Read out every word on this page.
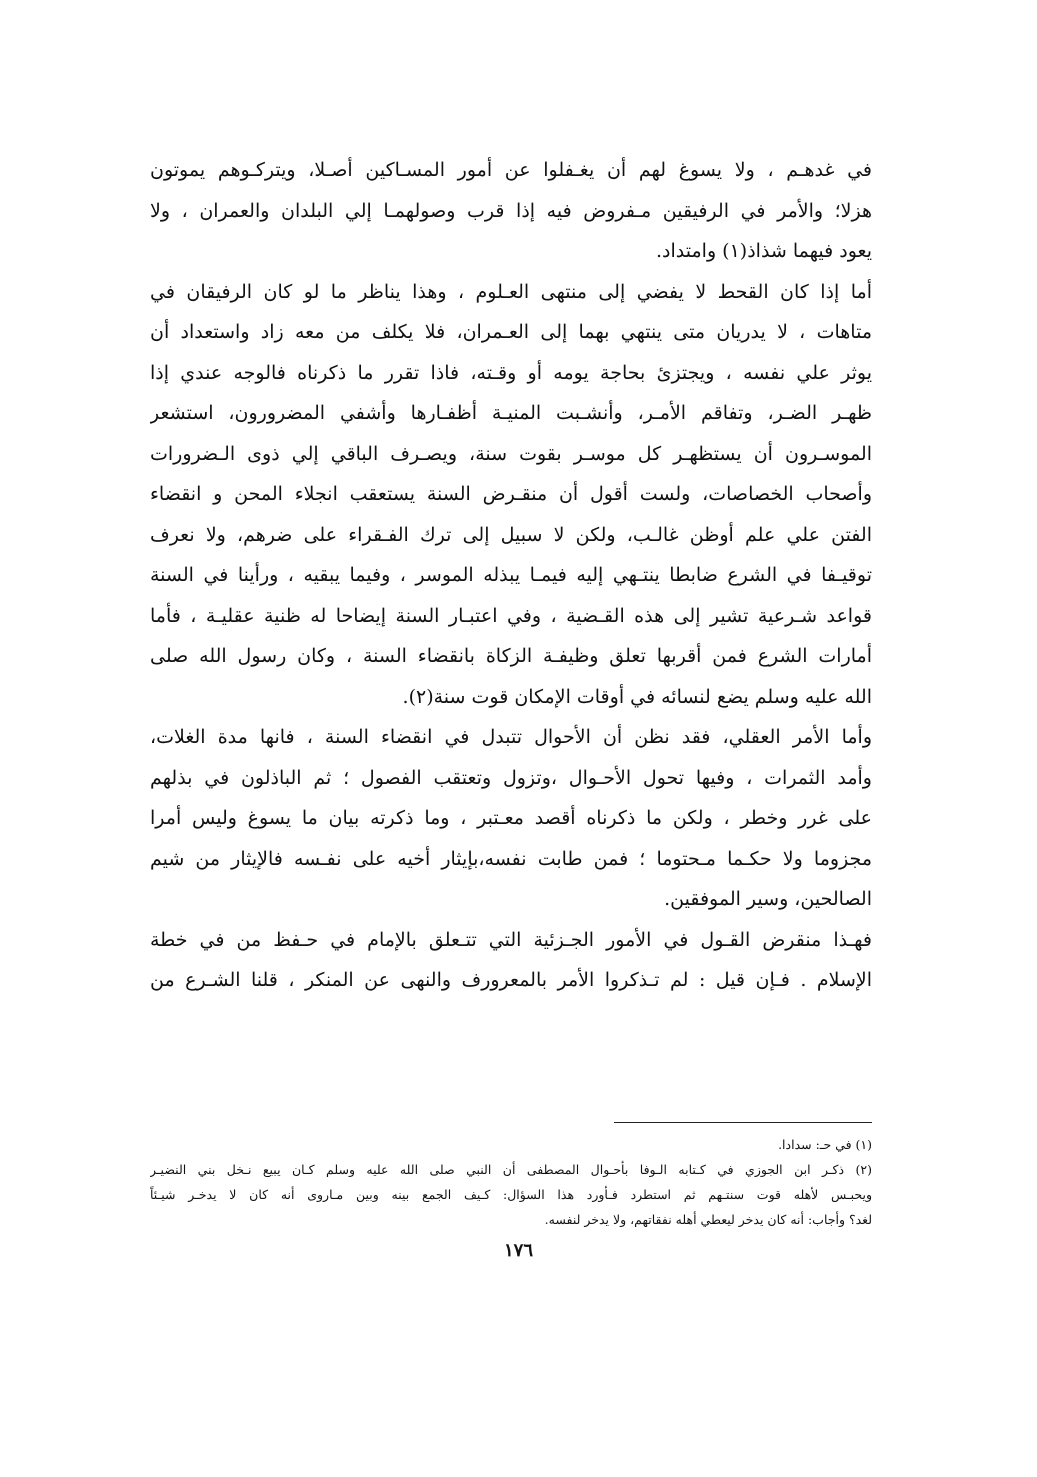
في غدهـم ، ولا يسوغ لهم أن يغـفلوا عن أمور المسـاكين أصـلا، ويتركـوهم يموتون
هزلا؛ والأمر في الرفيقين مـفروض فيه إذا قرب وصولهمـا إلي البلدان والعمران ، ولا
يعود فيهما شذاذ(١) وامتداد.
أما إذا كان القحط لا يفضي إلى منتهى العـلوم ، وهذا يناظر ما لو كان الرفيقان في
متاهات ، لا يدريان متى ينتهي بهما إلى العـمران، فلا يكلف من معه زاد واستعداد أن
يوثر علي نفسه ، ويجتزئ بحاجة يومه أو وقـته، فاذا تقرر ما ذكرناه فالوجه عندي إذا
ظهـر الضـر، وتفاقم الأمـر، وأنشـبت المنيـة أظفـارها وأشفي المضرورون، استشعر
الموسـرون أن يستظهـر كل موسـر بقوت سنة، ويصـرف الباقي إلي ذوى الـضرورات
وأصحاب الخصاصات، ولست أقول أن منقـرض السنة يستعقب انجلاء المحن و انقضاء
الفتن علي علم أوظن غالـب، ولكن لا سبيل إلى ترك الفـقراء على ضرهم، ولا نعرف
توقيـفا في الشرع ضابطا ينتـهي إليه فيمـا يبذله الموسر ، وفيما يبقيه ، ورأينا في السنة
قواعد شـرعية تشير إلى هذه القـضية ، وفي اعتبـار السنة إيضاحا له ظنية عقليـة ، فأما
أمارات الشرع فمن أقربها تعلق وظيفـة الزكاة بانقضاء السنة ، وكان رسول الله صلى
الله عليه وسلم يضع لنسائه في أوقات الإمكان قوت سنة(٢).
وأما الأمر العقلي، فقد نظن أن الأحوال تتبدل في انقضاء السنة ، فانها مدة الغلات،
وأمد الثمرات ، وفيها تحول الأحـوال ،وتزول وتعتقب الفصول ؛ ثم الباذلون في بذلهم
على غرر وخطر ، ولكن ما ذكرناه أقصد معـتبر ، وما ذكرته بيان ما يسوغ وليس أمرا
مجزوما ولا حكـما مـحتوما ؛ فمن طابت نفسه،بإيثار أخيه على نفـسه فالإيثار من شيم
الصالحين، وسير الموفقين.
فهـذا منقرض القـول في الأمور الجـزئية التي تتـعلق بالإمام في حـفظ من في خطة
الإسلام . فـإن قيل : لم تـذكروا الأمر بالمعرورف والنهى عن المنكر ، قلنا الشـرع من
(١) في حـ: سدادا.
(٢) ذكـر ابن الجوزي في كـتابه الـوفا بأحـوال المصطفى أن النبي صلى الله عليه وسلم كـان يبيع نـخل بني النضيـر
ويحبـس لأهله قوت سنتـهم ثم استطرد فـأورد هذا السؤال: كـيف الجمع بينه وبين مـاروى أنه كان لا يدخـر شيـئاً
لغد؟ وأجاب: أنه كان يدخر ليعطي أهله نفقاتهم، ولا يدخر لنفسه.
١٧٦
